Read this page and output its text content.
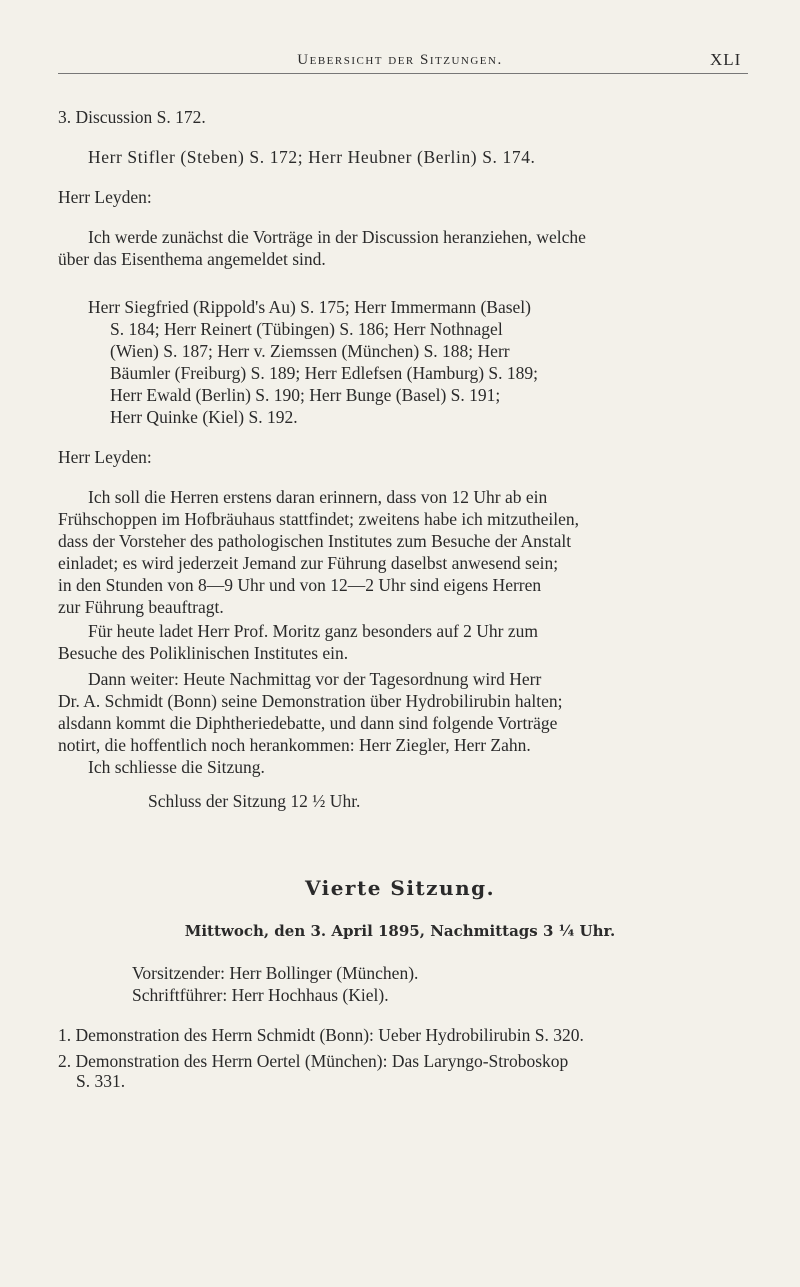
Uebersicht der Sitzungen.	XLI
3. Discussion S. 172.
Herr Stifler (Steben) S. 172; Herr Heubner (Berlin) S. 174.
Herr Leyden:
Ich werde zunächst die Vorträge in der Discussion heranziehen, welche
über das Eisenthema angemeldet sind.
Herr Siegfried (Rippold's Au) S. 175; Herr Immermann (Basel)
S. 184; Herr Reinert (Tübingen) S. 186; Herr Nothnagel
(Wien) S. 187; Herr v. Ziemssen (München) S. 188; Herr
Bäumler (Freiburg) S. 189; Herr Edlefsen (Hamburg) S. 189;
Herr Ewald (Berlin) S. 190; Herr Bunge (Basel) S. 191;
Herr Quinke (Kiel) S. 192.
Herr Leyden:
Ich soll die Herren erstens daran erinnern, dass von 12 Uhr ab ein
Frühschoppen im Hofbräuhaus stattfindet; zweitens habe ich mitzutheilen,
dass der Vorsteher des pathologischen Institutes zum Besuche der Anstalt
einladet; es wird jederzeit Jemand zur Führung daselbst anwesend sein;
in den Stunden von 8—9 Uhr und von 12—2 Uhr sind eigens Herren
zur Führung beauftragt.
Für heute ladet Herr Prof. Moritz ganz besonders auf 2 Uhr zum
Besuche des Poliklinischen Institutes ein.
Dann weiter: Heute Nachmittag vor der Tagesordnung wird Herr
Dr. A. Schmidt (Bonn) seine Demonstration über Hydrobilirubin halten;
alsdann kommt die Diphtheriedebatte, und dann sind folgende Vorträge
notirt, die hoffentlich noch herankommen: Herr Ziegler, Herr Zahn.
Ich schliesse die Sitzung.
Schluss der Sitzung 12 ½ Uhr.
Vierte Sitzung.
Mittwoch, den 3. April 1895, Nachmittags 3 ¼ Uhr.
Vorsitzender: Herr Bollinger (München).
Schriftführer: Herr Hochhaus (Kiel).
1. Demonstration des Herrn Schmidt (Bonn): Ueber Hydrobilirubin S. 320.
2. Demonstration des Herrn Oertel (München): Das Laryngo-Stroboskop
S. 331.
